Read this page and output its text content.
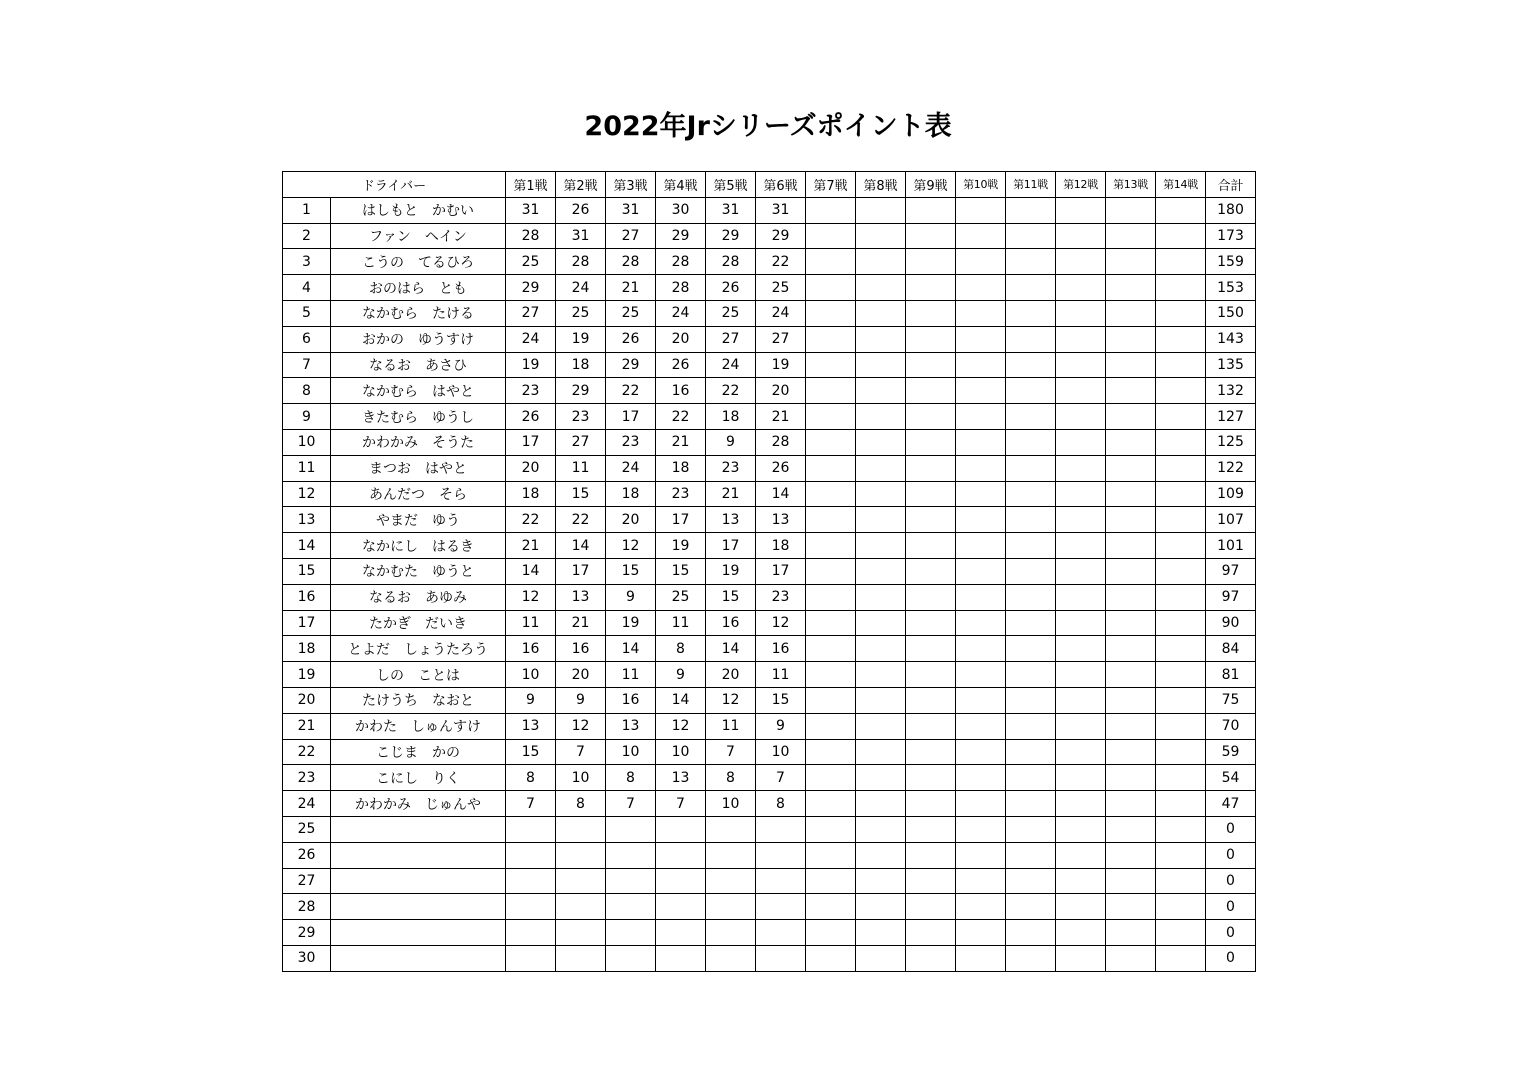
2022年Jrシリーズポイント表
ドライバー		第1戦	第2戦	第3戦	第4戦	第5戦	第6戦	第7戦	第8戦	第9戦	第10戦	第11戦	第12戦	第13戦	第14戦	合計
1	はしもと　かむい	31	26	31	30	31	31									180
2	ファン　ヘイン	28	31	27	29	29	29									173
3	こうの　てるひろ	25	28	28	28	28	22									159
4	おのはら　とも	29	24	21	28	26	25									153
5	なかむら　たける	27	25	25	24	25	24									150
6	おかの　ゆうすけ	24	19	26	20	27	27									143
7	なるお　あさひ	19	18	29	26	24	19									135
8	なかむら　はやと	23	29	22	16	22	20									132
9	きたむら　ゆうし	26	23	17	22	18	21									127
10	かわかみ　そうた	17	27	23	21	9	28									125
11	まつお　はやと	20	11	24	18	23	26									122
12	あんだつ　そら	18	15	18	23	21	14									109
13	やまだ　ゆう	22	22	20	17	13	13									107
14	なかにし　はるき	21	14	12	19	17	18									101
15	なかむた　ゆうと	14	17	15	15	19	17									97
16	なるお　あゆみ	12	13	9	25	15	23									97
17	たかぎ　だいき	11	21	19	11	16	12									90
18	とよだ　しょうたろう	16	16	14	8	14	16									84
19	しの　ことは	10	20	11	9	20	11									81
20	たけうち　なおと	9	9	16	14	12	15									75
21	かわた　しゅんすけ	13	12	13	12	11	9									70
22	こじま　かの	15	7	10	10	7	10									59
23	こにし　りく	8	10	8	13	8	7									54
24	かわかみ　じゅんや	7	8	7	7	10	8									47
25																0
26																0
27																0
28																0
29																0
30																0
